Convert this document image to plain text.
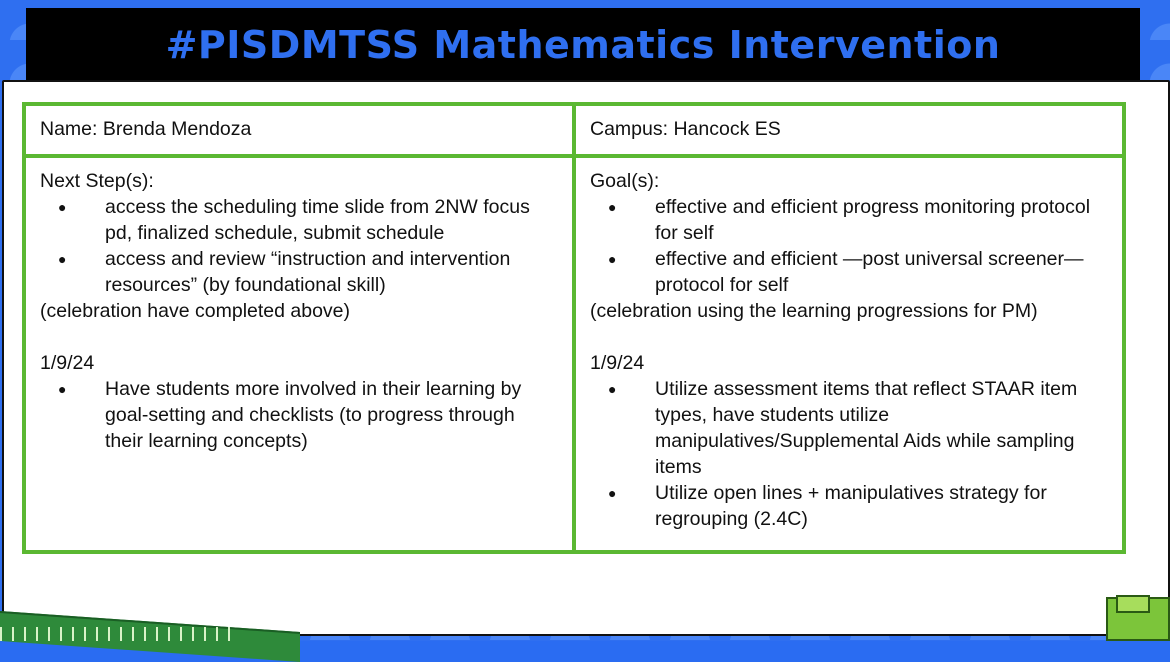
#PISDMTSS Mathematics Intervention
Name: Brenda Mendoza	Campus: Hancock ES
Next Step(s):
● access the scheduling time slide from 2NW focus pd, finalized schedule, submit schedule
● access and review “instruction and intervention resources” (by foundational skill)
(celebration have completed above)
1/9/24
● Have students more involved in their learning by goal-setting and checklists (to progress through their learning concepts)
Goal(s):
● effective and efficient progress monitoring protocol for self
● effective and efficient —post universal screener— protocol for self
(celebration using the learning progressions for PM)
1/9/24
● Utilize assessment items that reflect STAAR item types, have students utilize manipulatives/Supplemental Aids while sampling items
● Utilize open lines + manipulatives strategy for regrouping (2.4C)
